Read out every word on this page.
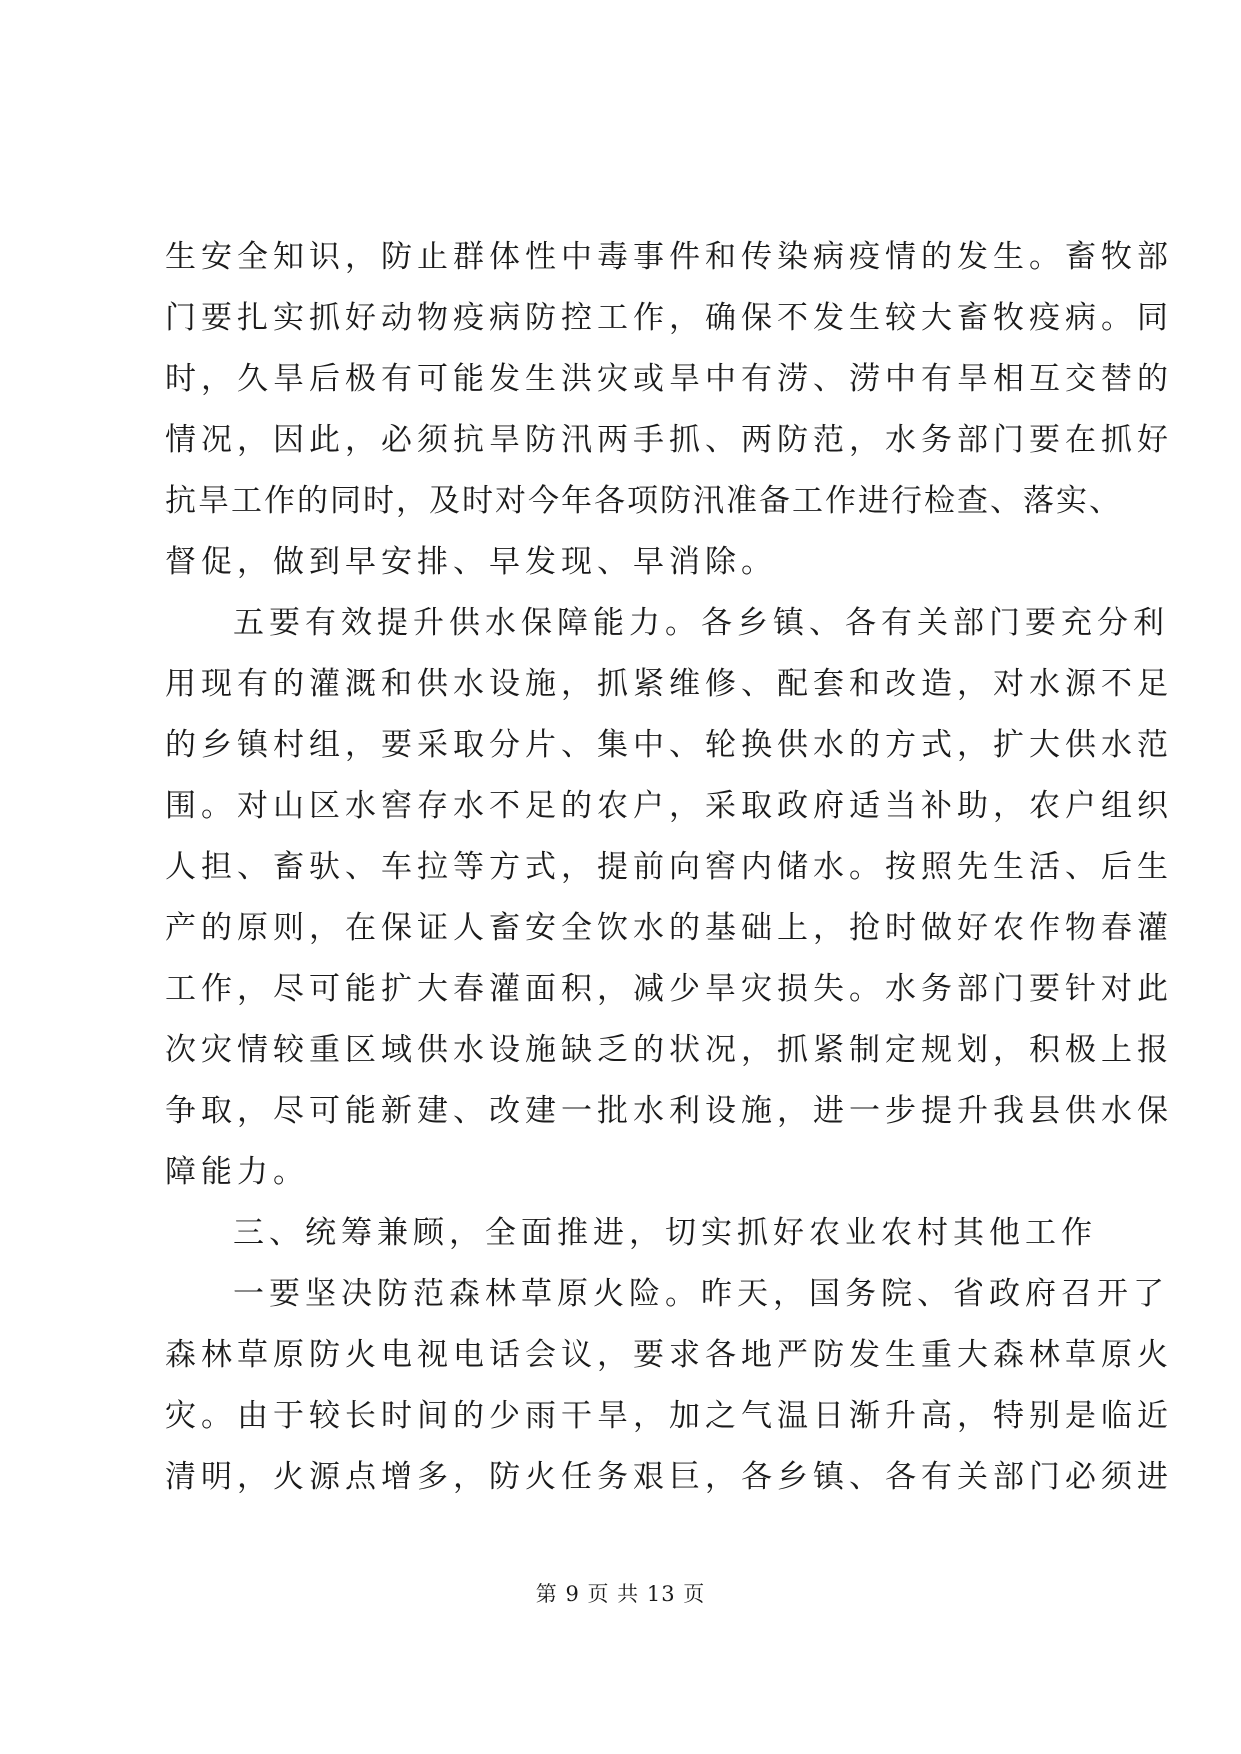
生安全知识，防止群体性中毒事件和传染病疫情的发生。畜牧部
门要扎实抓好动物疫病防控工作，确保不发生较大畜牧疫病。同
时，久旱后极有可能发生洪灾或旱中有涝、涝中有旱相互交替的
情况，因此，必须抗旱防汛两手抓、两防范，水务部门要在抓好
抗旱工作的同时，及时对今年各项防汛准备工作进行检查、落实、
督促，做到早安排、早发现、早消除。
五要有效提升供水保障能力。各乡镇、各有关部门要充分利
用现有的灌溉和供水设施，抓紧维修、配套和改造，对水源不足
的乡镇村组，要采取分片、集中、轮换供水的方式，扩大供水范
围。对山区水窖存水不足的农户，采取政府适当补助，农户组织
人担、畜驮、车拉等方式，提前向窖内储水。按照先生活、后生
产的原则，在保证人畜安全饮水的基础上，抢时做好农作物春灌
工作，尽可能扩大春灌面积，减少旱灾损失。水务部门要针对此
次灾情较重区域供水设施缺乏的状况，抓紧制定规划，积极上报
争取，尽可能新建、改建一批水利设施，进一步提升我县供水保
障能力。
三、统筹兼顾，全面推进，切实抓好农业农村其他工作
一要坚决防范森林草原火险。昨天，国务院、省政府召开了
森林草原防火电视电话会议，要求各地严防发生重大森林草原火
灾。由于较长时间的少雨干旱，加之气温日渐升高，特别是临近
清明，火源点增多，防火任务艰巨，各乡镇、各有关部门必须进
第 9 页 共 13 页
